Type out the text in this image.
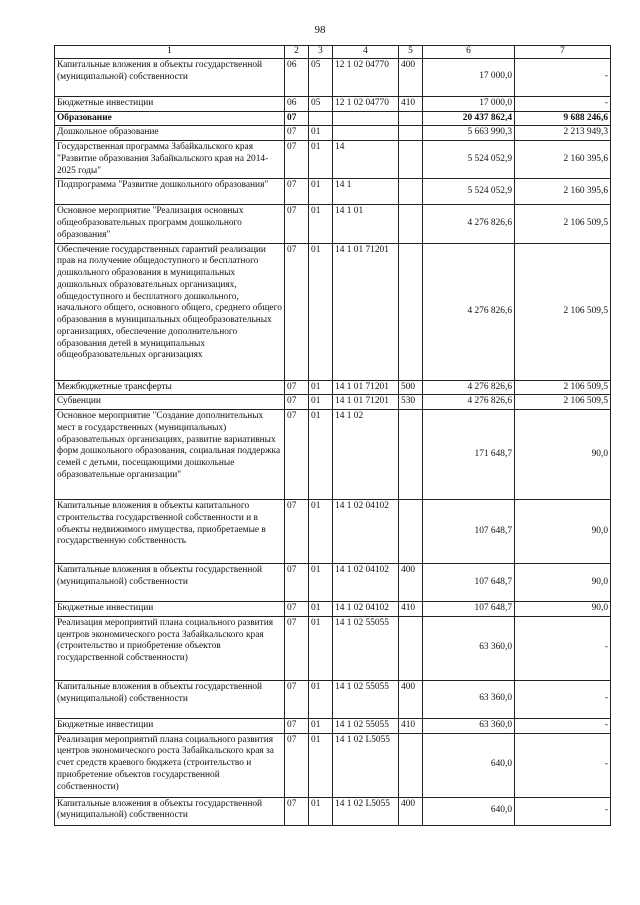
98
1	2	3	4	5	6	7

Капитальные вложения в объекты государственной (муниципальной) собственности	06	05	12 1 02 04770	400	17 000,0	-

Бюджетные инвестиции	06	05	12 1 02 04770	410	17 000,0	-

Образование	07				20 437 862,4	9 688 246,6

Дошкольное образование	07	01			5 663 990,3	2 213 949,3

Государственная программа Забайкальского края "Развитие образования Забайкальского края на 2014-2025 годы"	07	01	14		5 524 052,9	2 160 395,6

Подпрограмма "Развитие дошкольного образования"	07	01	14 1		5 524 052,9	2 160 395,6

Основное мероприятие "Реализация основных общеобразовательных программ дошкольного образования"	07	01	14 1 01		4 276 826,6	2 106 509,5

Обеспечение государственных гарантий реализации прав на получение общедоступного и бесплатного дошкольного образования в муниципальных дошкольных образовательных организациях, общедоступного и бесплатного дошкольного, начального общего, основного общего, среднего общего образования в муниципальных общеобразовательных организациях, обеспечение дополнительного образования детей в муниципальных общеобразовательных организациях	07	01	14 1 01 71201		4 276 826,6	2 106 509,5

Межбюджетные трансферты	07	01	14 1 01 71201	500	4 276 826,6	2 106 509,5

Субвенции	07	01	14 1 01 71201	530	4 276 826,6	2 106 509,5

Основное мероприятие "Создание дополнительных мест в государственных (муниципальных) образовательных организациях, развитие вариативных форм дошкольного образования, социальная поддержка семей с детьми, посещающими дошкольные образовательные организации"	07	01	14 1 02		171 648,7	90,0

Капитальные вложения в объекты капитального строительства государственной собственности и в объекты недвижимого имущества, приобретаемые в государственную собственность	07	01	14 1 02 04102		107 648,7	90,0

Капитальные вложения в объекты государственной (муниципальной) собственности	07	01	14 1 02 04102	400	107 648,7	90,0

Бюджетные инвестиции	07	01	14 1 02 04102	410	107 648,7	90,0

Реализация мероприятий плана социального развития центров экономического роста Забайкальского края (строительство и приобретение объектов государственной собственности)	07	01	14 1 02 55055		63 360,0	-

Капитальные вложения в объекты государственной (муниципальной) собственности	07	01	14 1 02 55055	400	63 360,0	-

Бюджетные инвестиции	07	01	14 1 02 55055	410	63 360,0	-

Реализация мероприятий плана социального развития центров экономического роста Забайкальского края за счет средств краевого бюджета (строительство и приобретение объектов государственной собственности)	07	01	14 1 02 L5055		640,0	-

Капитальные вложения в объекты государственной (муниципальной) собственности	07	01	14 1 02 L5055	400	640,0	-
